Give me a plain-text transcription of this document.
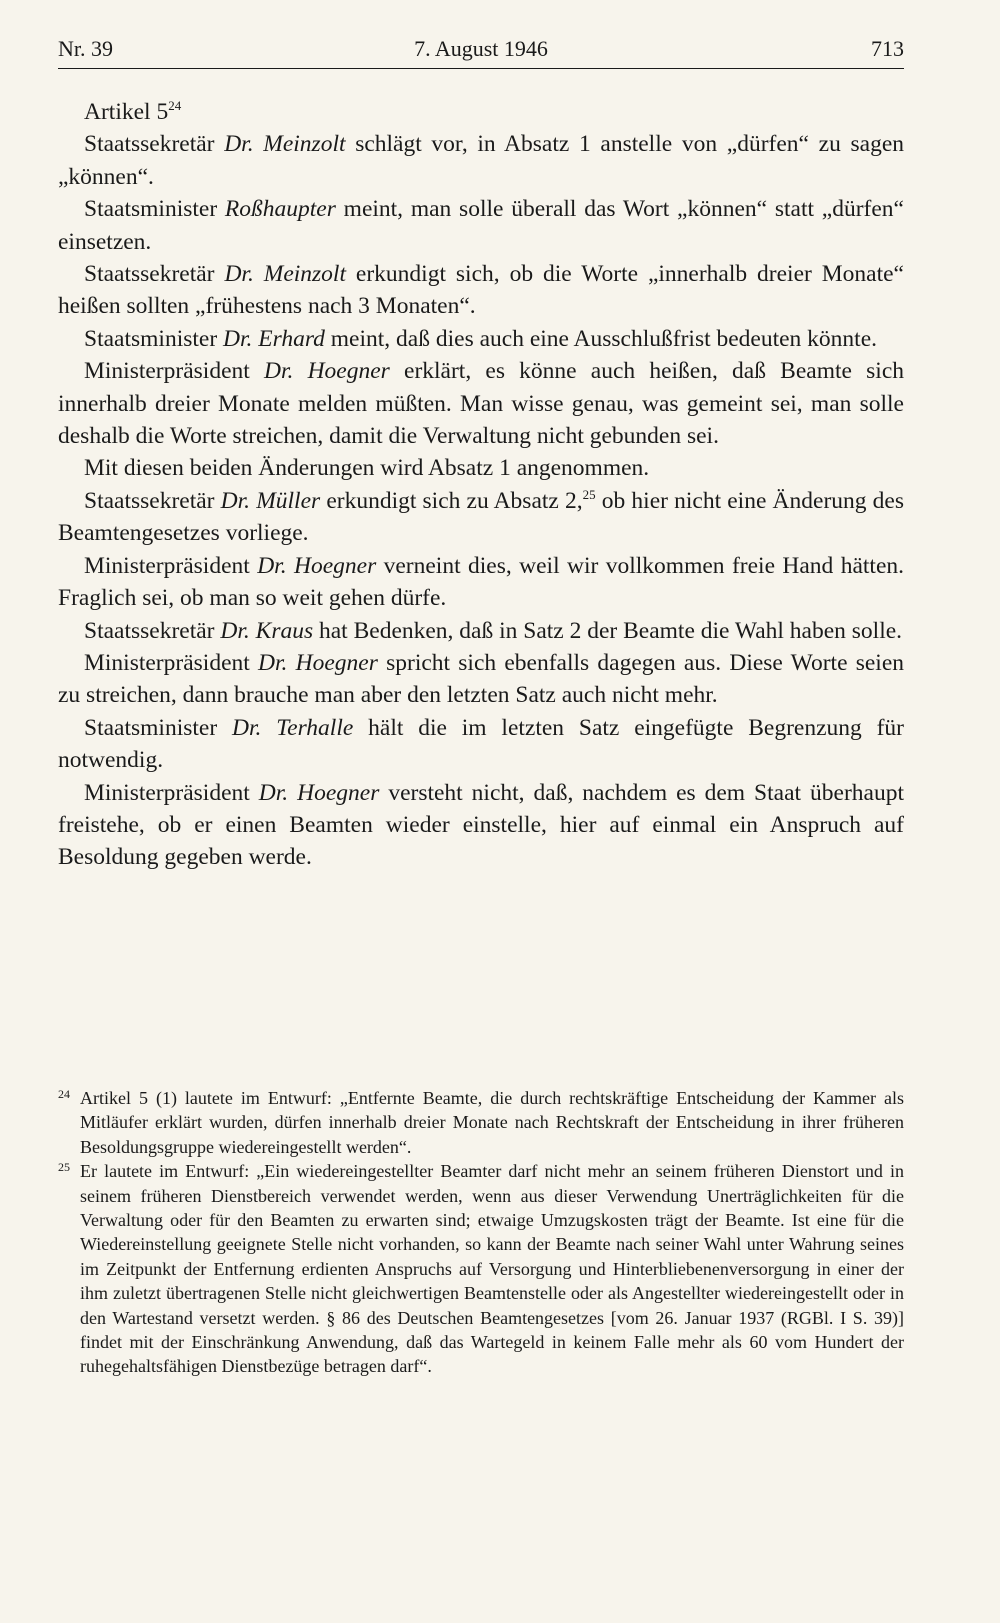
Nr. 39	7. August 1946	713

Artikel $5^{24}$

Staatssekretär Dr. Meinzolt schlägt vor, in Absatz 1 anstelle von „dürfen“ zu sagen „können“.

Staatsminister Roßhaupter meint, man solle überall das Wort „können“ statt „dürfen“ einsetzen.

Staatssekretär Dr. Meinzolt erkundigt sich, ob die Worte „innerhalb dreier Monate“ heißen sollten „frühestens nach 3 Monaten“.

Staatsminister Dr. Erhard meint, daß dies auch eine Ausschlußfrist bedeuten könnte.

Ministerpräsident Dr. Hoegner erklärt, es könne auch heißen, daß Beamte sich innerhalb dreier Monate melden müßten. Man wisse genau, was gemeint sei, man solle deshalb die Worte streichen, damit die Verwaltung nicht gebunden sei.

Mit diesen beiden Änderungen wird Absatz 1 angenommen.

Staatssekretär Dr. Müller erkundigt sich zu Absatz 2,25 ob hier nicht eine Änderung des Beamtengesetzes vorliege.

Ministerpräsident Dr. Hoegner verneint dies, weil wir vollkommen freie Hand hätten. Fraglich sei, ob man so weit gehen dürfe.

Staatssekretär Dr. Kraus hat Bedenken, daß in Satz 2 der Beamte die Wahl haben solle.

Ministerpräsident Dr. Hoegner spricht sich ebenfalls dagegen aus. Diese Worte seien zu streichen, dann brauche man aber den letzten Satz auch nicht mehr.

Staatsminister Dr. Terhalle hält die im letzten Satz eingefügte Begrenzung für notwendig.

Ministerpräsident Dr. Hoegner versteht nicht, daß, nachdem es dem Staat überhaupt freistehe, ob er einen Beamten wieder einstelle, hier auf einmal ein Anspruch auf Besoldung gegeben werde.

24 Artikel 5 (1) lautete im Entwurf: „Entfernte Beamte, die durch rechtskräftige Entscheidung der Kammer als Mitläufer erklärt wurden, dürfen innerhalb dreier Monate nach Rechtskraft der Entscheidung in ihrer früheren Besoldungsgruppe wiedereingestellt werden“.

25 Er lautete im Entwurf: „Ein wiedereingestellter Beamter darf nicht mehr an seinem früheren Dienstort und in seinem früheren Dienstbereich verwendet werden, wenn aus dieser Verwendung Unerträglichkeiten für die Verwaltung oder für den Beamten zu erwarten sind; etwaige Umzugskosten trägt der Beamte. Ist eine für die Wiedereinstellung geeignete Stelle nicht vorhanden, so kann der Beamte nach seiner Wahl unter Wahrung seines im Zeitpunkt der Entfernung erdienten Anspruchs auf Versorgung und Hinterbliebenenversorgung in einer der ihm zuletzt übertragenen Stelle nicht gleichwertigen Beamtenstelle oder als Angestellter wiedereingestellt oder in den Wartestand versetzt werden. § 86 des Deutschen Beamtengesetzes [vom 26. Januar 1937 (RGBl. I S. 39)] findet mit der Einschränkung Anwendung, daß das Wartegeld in keinem Falle mehr als 60 vom Hundert der ruhegehaltsfähigen Dienstbezüge betragen darf“.
